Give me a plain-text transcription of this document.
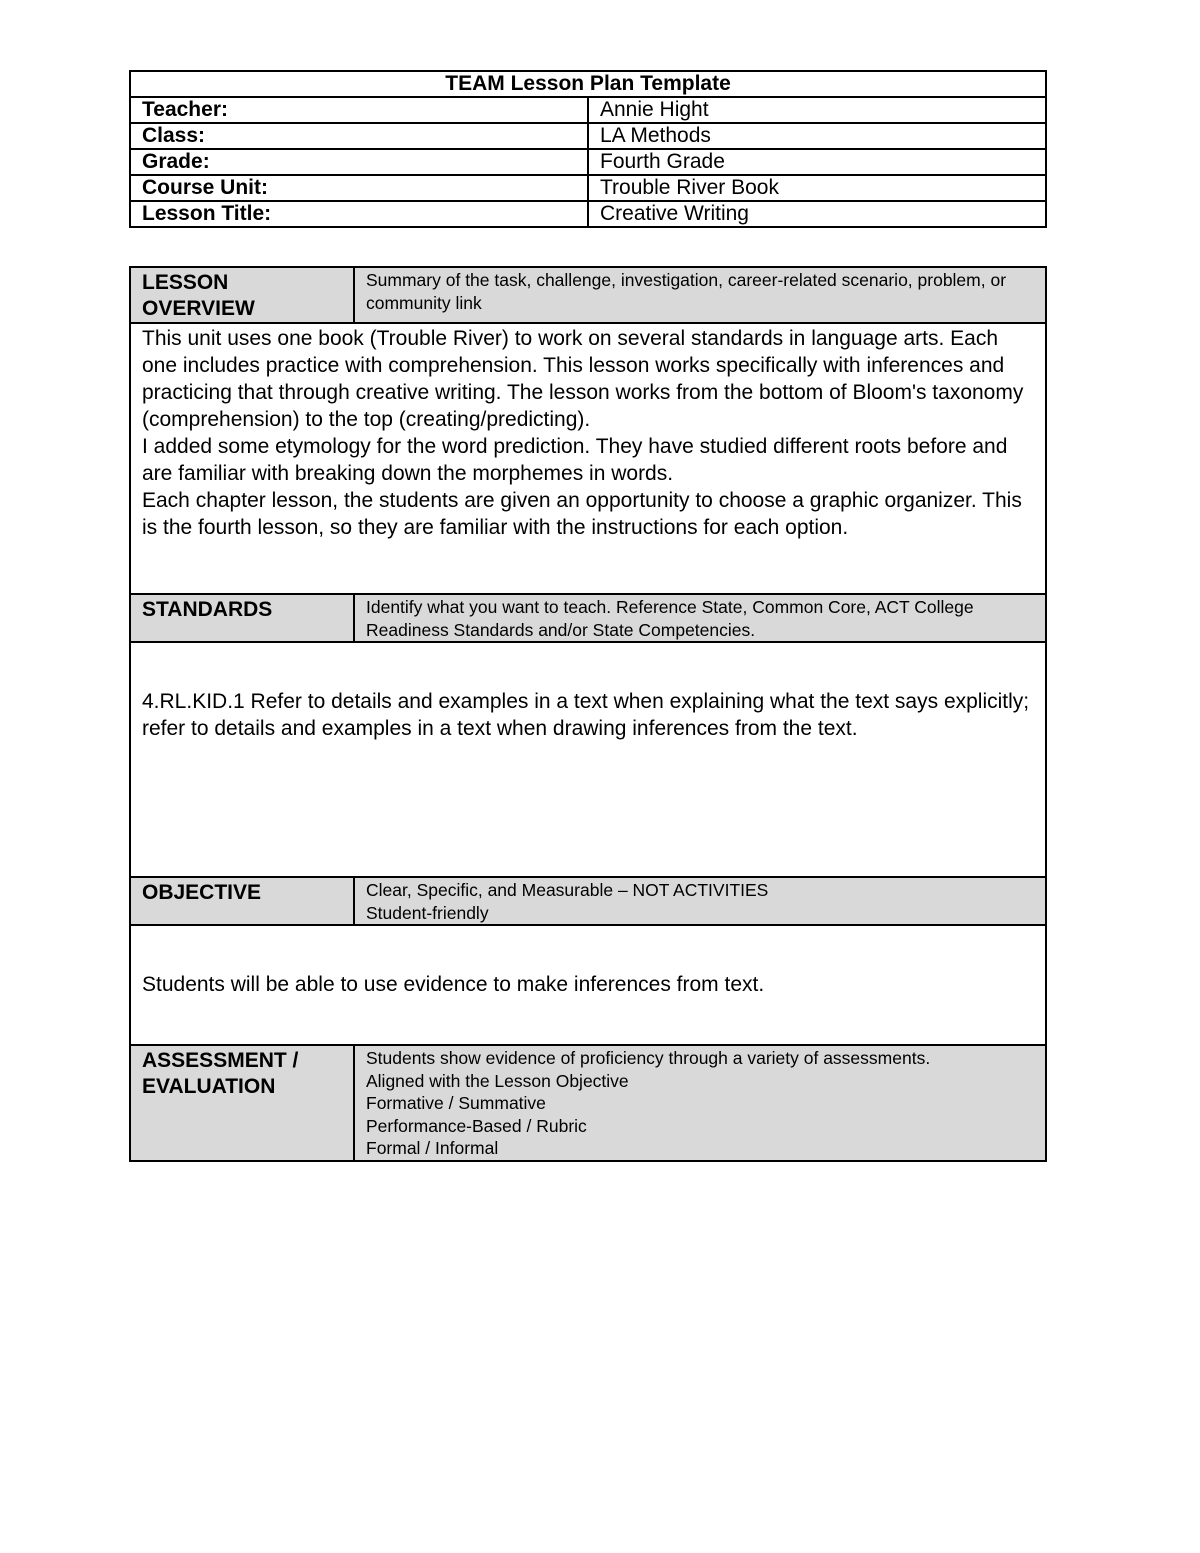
TEAM Lesson Plan Template	
Teacher:	Annie Hight
Class:	LA Methods
Grade:	Fourth Grade
Course Unit:	Trouble River Book
Lesson Title:	Creative Writing
LESSON OVERVIEW	Summary of the task, challenge, investigation, career-related scenario, problem, or community link

This unit uses one book (Trouble River) to work on several standards in language arts. Each one includes practice with comprehension. This lesson works specifically with inferences and practicing that through creative writing. The lesson works from the bottom of Bloom's taxonomy (comprehension) to the top (creating/predicting).

I added some etymology for the word prediction. They have studied different roots before and are familiar with breaking down the morphemes in words.

Each chapter lesson, the students are given an opportunity to choose a graphic organizer. This is the fourth lesson, so they are familiar with the instructions for each option.	

STANDARDS	Identify what you want to teach. Reference State, Common Core, ACT College Readiness Standards and/or State Competencies.
4.RL.KID.1 Refer to details and examples in a text when explaining what the text says explicitly; refer to details and examples in a text when drawing inferences from the text.	
OBJECTIVE	Clear, Specific, and Measurable – NOT ACTIVITIES
Student-friendly

Students will be able to use evidence to make inferences from text.	
ASSESSMENT / EVALUATION	Students show evidence of proficiency through a variety of assessments.
Aligned with the Lesson Objective
Formative / Summative
Performance-Based / Rubric
Formal / Informal
